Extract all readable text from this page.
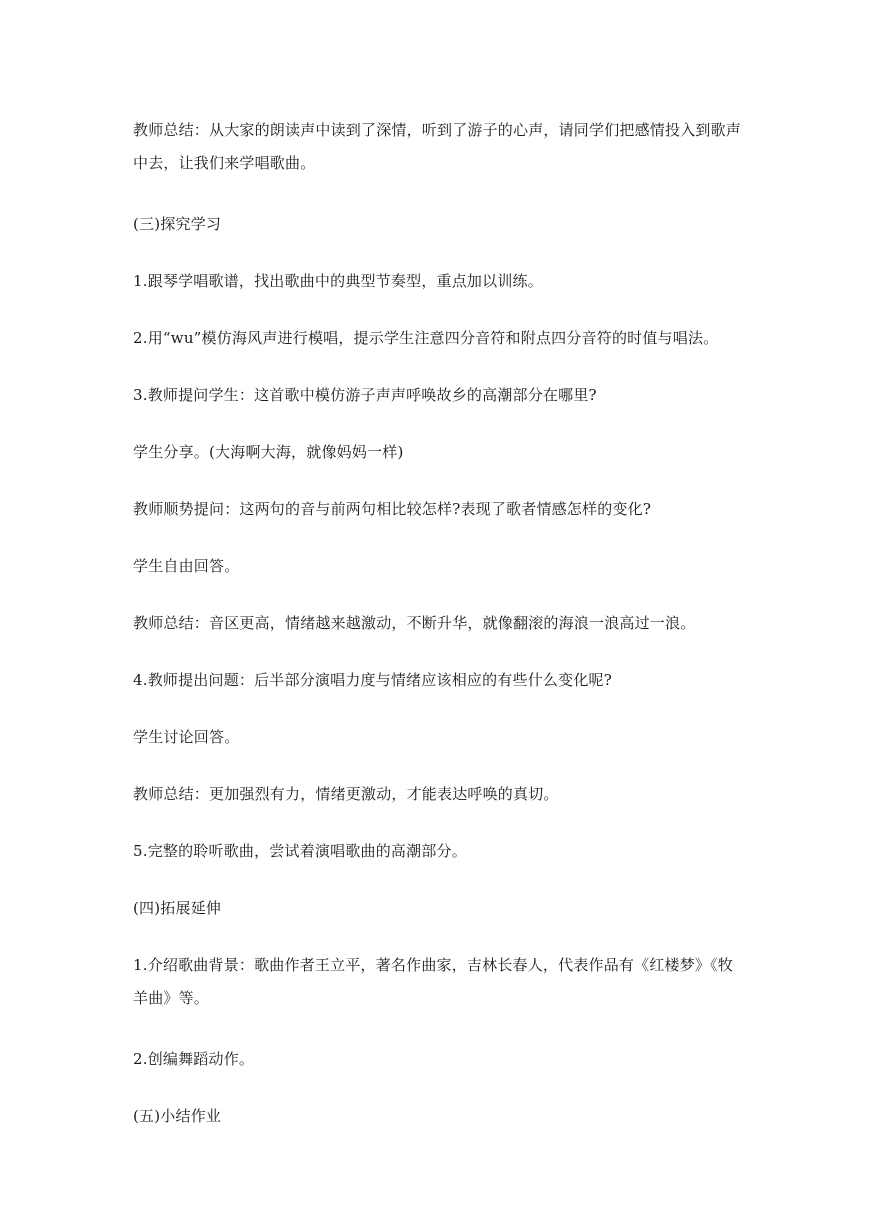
教师总结：从大家的朗读声中读到了深情，听到了游子的心声，请同学们把感情投入到歌声中去，让我们来学唱歌曲。

(三)探究学习

1.跟琴学唱歌谱，找出歌曲中的典型节奏型，重点加以训练。

2.用“wu”模仿海风声进行模唱，提示学生注意四分音符和附点四分音符的时值与唱法。

3.教师提问学生：这首歌中模仿游子声声呼唤故乡的高潮部分在哪里?

学生分享。(大海啊大海，就像妈妈一样)

教师顺势提问：这两句的音与前两句相比较怎样?表现了歌者情感怎样的变化?

学生自由回答。

教师总结：音区更高，情绪越来越激动，不断升华，就像翻滚的海浪一浪高过一浪。

4.教师提出问题：后半部分演唱力度与情绪应该相应的有些什么变化呢?

学生讨论回答。

教师总结：更加强烈有力，情绪更激动，才能表达呼唤的真切。

5.完整的聆听歌曲，尝试着演唱歌曲的高潮部分。

(四)拓展延伸

1.介绍歌曲背景：歌曲作者王立平，著名作曲家，吉林长春人，代表作品有《红楼梦》《牧羊曲》等。

2.创编舞蹈动作。

(五)小结作业
